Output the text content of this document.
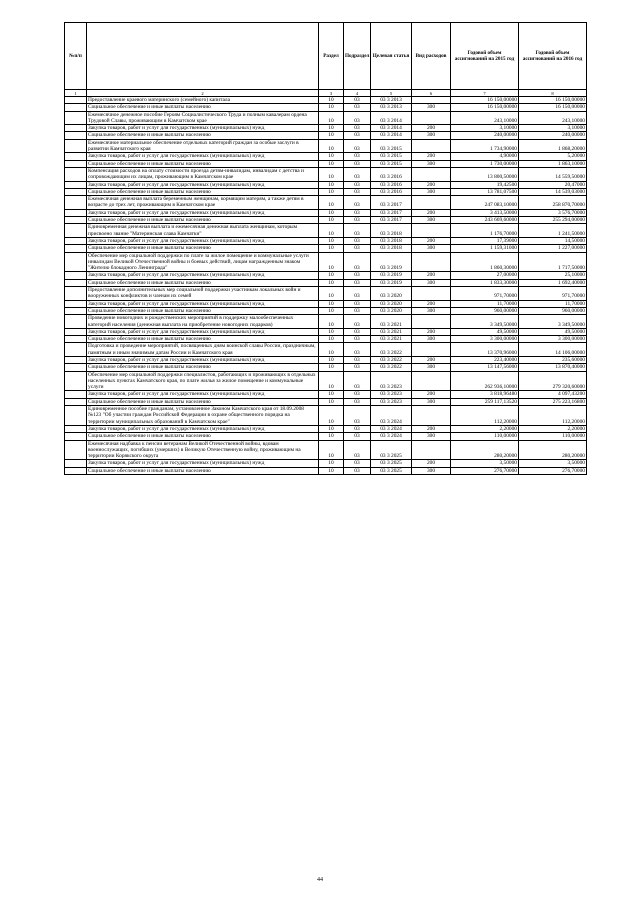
№п/п		Раздел	Подраздел	Целевая статья	Вид расходов	Годовой объем ассигнований на 2015 год	Годовой объем ассигнований на 2016 год
1	2	3	4	5	6	7	8
	Предоставление краевого материнского (семейного) капитала	10	03	03 3 2013		16 150,00000	16 150,00000
	Социальное обеспечение и иные выплаты населению	10	03	03 3 2013	300	16 150,00000	16 150,00000
	Ежемесячное денежное пособие Героям Социалистического Труда и полным кавалерам ордена Трудовой Славы, проживающим в Камчатском крае	10	03	03 3 2014		243,10000	243,10000
	Закупка товаров, работ и услуг для государственных (муниципальных) нужд	10	03	03 3 2014	200	3,10000	3,10000
	Социальное обеспечение и иные выплаты населению	10	03	03 3 2014	300	240,00000	240,00000
	Ежемесячное материальное обеспечение отдельных категорий граждан за особые заслуги в развитии Камчатского края	10	03	03 3 2015		1 734,90000	1 868,20000
	Закупка товаров, работ и услуг для государственных (муниципальных) нужд	10	03	03 3 2015	200	4,90000	5,20000
	Социальное обеспечение и иные выплаты населению	10	03	03 3 2015	300	1 730,00000	1 863,10000
	Компенсация расходов на оплату стоимости проезда детям-инвалидам, инвалидам с детства и сопровождающим их лицам, проживающим в Камчатском крае	10	03	03 3 2016		13 800,50000	14 559,50000
	Закупка товаров, работ и услуг для государственных (муниципальных) нужд	10	03	03 3 2016	200	19,42500	20,47000
	Социальное обеспечение и иные выплаты населению	10	03	03 3 2016	300	13 781,07500	14 539,03000
	Ежемесячная денежная выплата беременным женщинам, кормящим матерям, а также детям в возрасте до трех лет, проживающим в Камчатском крае	10	03	03 3 2017		247 083,10000	258 870,70000
	Закупка товаров, работ и услуг для государственных (муниципальных) нужд	10	03	03 3 2017	200	3 413,50000	3 576,70000
	Социальное обеспечение и иные выплаты населению	10	03	03 3 2017	300	243 669,60000	255 294,00000
	Единовременная денежная выплата и ежемесячная денежная выплата женщинам, которым присвоено звание "Материнская слава Камчатки"	10	03	03 3 2018		1 176,70000	1 241,50000
	Закупка товаров, работ и услуг для государственных (муниципальных) нужд	10	03	03 3 2018	200	17,39000	14,50000
	Социальное обеспечение и иные выплаты населению	10	03	03 3 2018	300	1 159,31000	1 227,00000
	Обеспечение мер социальной поддержки по плате за жилое помещение и коммунальные услуги инвалидам Великой Отечественной войны и боевых действий, лицам награжденным знаком "Жителю блокадного Ленинграда"	10	03	03 3 2019		1 860,30000	1 717,50000
	Закупка товаров, работ и услуг для государственных (муниципальных) нужд	10	03	03 3 2019	200	27,00000	25,10000
	Социальное обеспечение и иные выплаты населению	10	03	03 3 2019	300	1 833,30000	1 692,40000
	Предоставление дополнительных мер социальной поддержки участникам локальных войн и вооруженных конфликтов и членам их семей	10	03	03 3 2020		971,70000	971,70000
	Закупка товаров, работ и услуг для государственных (муниципальных) нужд	10	03	03 3 2020	200	11,70000	11,70000
	Социальное обеспечение и иные выплаты населению	10	03	03 3 2020	300	960,00000	960,00000
	Проведение новогодних и рождественских мероприятий в поддержку малообеспеченных категорий населения (денежная выплата на приобретение новогодних подарков)	10	03	03 3 2021		3 349,50000	3 349,50000
	Закупка товаров, работ и услуг для государственных (муниципальных) нужд	10	03	03 3 2021	200	49,50000	49,50000
	Социальное обеспечение и иные выплаты населению	10	03	03 3 2021	300	3 300,00000	3 300,00000
	Подготовка и проведение мероприятий, посвященных дням воинской славы России, праздничным, памятным и иным значимым датам России и Камчатского края	10	03	03 3 2022		13 370,96000	14 106,00000
	Закупка товаров, работ и услуг для государственных (муниципальных) нужд	10	03	03 3 2022	200	223,40000	235,60000
	Социальное обеспечение и иные выплаты населению	10	03	03 3 2022	300	13 147,56000	13 870,40000
	Обеспечение мер социальной поддержки специалистов, работающих и проживающих в отдельных населенных пунктах Камчатского края, по плате жилья за жилое помещение и коммунальные услуги	10	03	03 3 2023		262 936,10000	279 320,60000
	Закупка товаров, работ и услуг для государственных (муниципальных) нужд	10	03	03 3 2023	200	3 818,96480	4 097,43200
	Социальное обеспечение и иные выплаты населению	10	03	03 3 2023	300	259 117,13520	275 223,16800
	Единовременное пособие гражданам, установленное Законом Камчатского края от 18.09.2008 №123 "Об участии граждан Российской Федерации в охране общественного порядка на территории муниципальных образований в Камчатском крае"	10	03	03 3 2024		112,20000	112,20000
	Закупка товаров, работ и услуг для государственных (муниципальных) нужд	10	03	03 3 2024	200	2,20000	2,20000
	Социальное обеспечение и иные выплаты населению	10	03	03 3 2024	300	110,00000	110,00000
	Ежемесячная надбавка к пенсии ветеранам Великой Отечественной войны, вдовам военнослужащих, погибших (умерших) в Великую Отечественную войну, проживающим на территории Корякского округа	10	03	03 3 2025		280,20000	280,20000
	Закупка товаров, работ и услуг для государственных (муниципальных) нужд	10	03	03 3 2025	200	3,50000	3,50000
	Социальное обеспечение и иные выплаты населению	10	03	03 3 2025	300	276,70000	276,70000
44
